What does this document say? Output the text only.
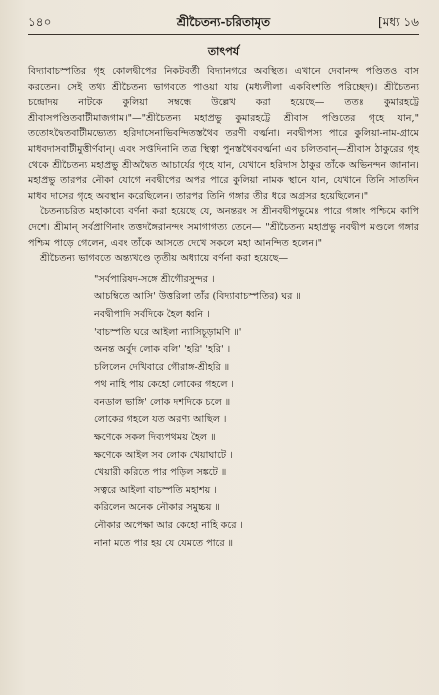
১৪০	শ্রীচৈতন্য-চরিতামৃত	[মধ্য ১৬
তাৎপর্য

বিদ্যাবাচস্পতির গৃহ কোলদ্বীপের নিকটবর্তী বিদ্যানগরে অবস্থিত। এখানে দেবানন্দ পণ্ডিতও বাস করতেন। সেই তথ্য শ্রীচৈতন্য ভাগবতে পাওয়া যায় (মধ্যলীলা একবিংশতি পরিচ্ছেদ)। শ্রীচৈতন্য চন্দ্রোদয় নাটকে কুলিয়া সম্বন্ধে উল্লেখ করা হয়েছে— ততঃ কুমারহট্টে শ্রীবাসপণ্ডিতবাটীমাজগাম।"—"শ্রীচৈতন্য মহাপ্রভু কুমারহট্টে শ্রীবাস পণ্ডিতের গৃহে যান," ততোঽদ্বৈতবাটীমভ্যেত্য হরিদাসেনাভিবন্দিতস্তথৈব তরণী বর্ত্মনা। নবদ্বীপস্য পারে কুলিয়া-নাম-গ্রামে মাধবদাসবাটীমুত্তীর্ণবান্। এবং সপ্তদিনানি তত্র স্থিত্বা পুনস্তথৈববর্ত্মনা এব চলিতবান্—শ্রীবাস ঠাকুরের গৃহ থেকে শ্রীচৈতন্য মহাপ্রভু শ্রীঅদ্বৈত আচার্যের গৃহে যান, যেখানে হরিদাস ঠাকুর তাঁকে অভিনন্দন জানান। মহাপ্রভু তারপর নৌকা যোগে নবদ্বীপের অপর পারে কুলিয়া নামক স্থানে যান, যেখানে তিনি সাতদিন মাধব দাসের গৃহে অবস্থান করেছিলেন। তারপর তিনি গঙ্গার তীর ধরে অগ্রসর হয়েছিলেন।"

চৈতন্যচরিত মহাকাব্যে বর্ণনা করা হয়েছে যে, অনন্তরং স শ্রীনবদ্বীপভুমেঃ পারে গঙ্গাং পশ্চিমে কাপি দেশে। শ্রীমান্ সর্বপ্রাণিনাং তত্তদঙ্গৈরানন্দং সমাগাগত্য তেনে— "শ্রীচৈতন্য মহাপ্রভু নবদ্বীপ মণ্ডলে গঙ্গার পশ্চিম পাড়ে গেলেন, এবং তাঁকে আসতে দেখে সকলে মহা আনন্দিত হলেন।"

শ্রীচৈতন্য ভাগবতে অন্ত্যখণ্ডে তৃতীয় অধ্যায়ে বর্ণনা করা হয়েছে—

"সর্বপারিষদ-সঙ্গে শ্রীগৌরসুন্দর ।
আচম্বিতে আসি' উত্তরিলা তাঁর (বিদ্যাবাচস্পতির) ঘর ॥
নবদ্বীপাদি সর্বদিকে হৈল ধ্বনি ।
'বাচস্পতি ঘরে আইলা ন্যাসিচূড়ামণি ॥'
অনন্ত অর্বুদ লোক বলি' 'হরি' 'হরি' ।
চলিলেন দেখিবারে গৌরাঙ্গ-শ্রীহরি ॥
পথ নাহি পায় কেহো লোকের গহলে ।
বনডাল ভাঙ্গি' লোক দশদিকে চলে ॥
লোকের গহলে যত অরণ্য আছিল ।
ক্ষণেকে সকল দিব্যপথময় হৈল ॥
ক্ষণেকে আইল সব লোক খেয়াঘাটে ।
খেয়ারী করিতে পার পড়িল সঙ্কটে ॥
সত্বরে আইলা বাচস্পতি মহাশয় ।
করিলেন অনেক নৌকার সমুচ্চয় ॥
নৌকার অপেক্ষা আর কেহো নাহি করে ।
নানা মতে পার হয় যে যেমতে পারে ॥
